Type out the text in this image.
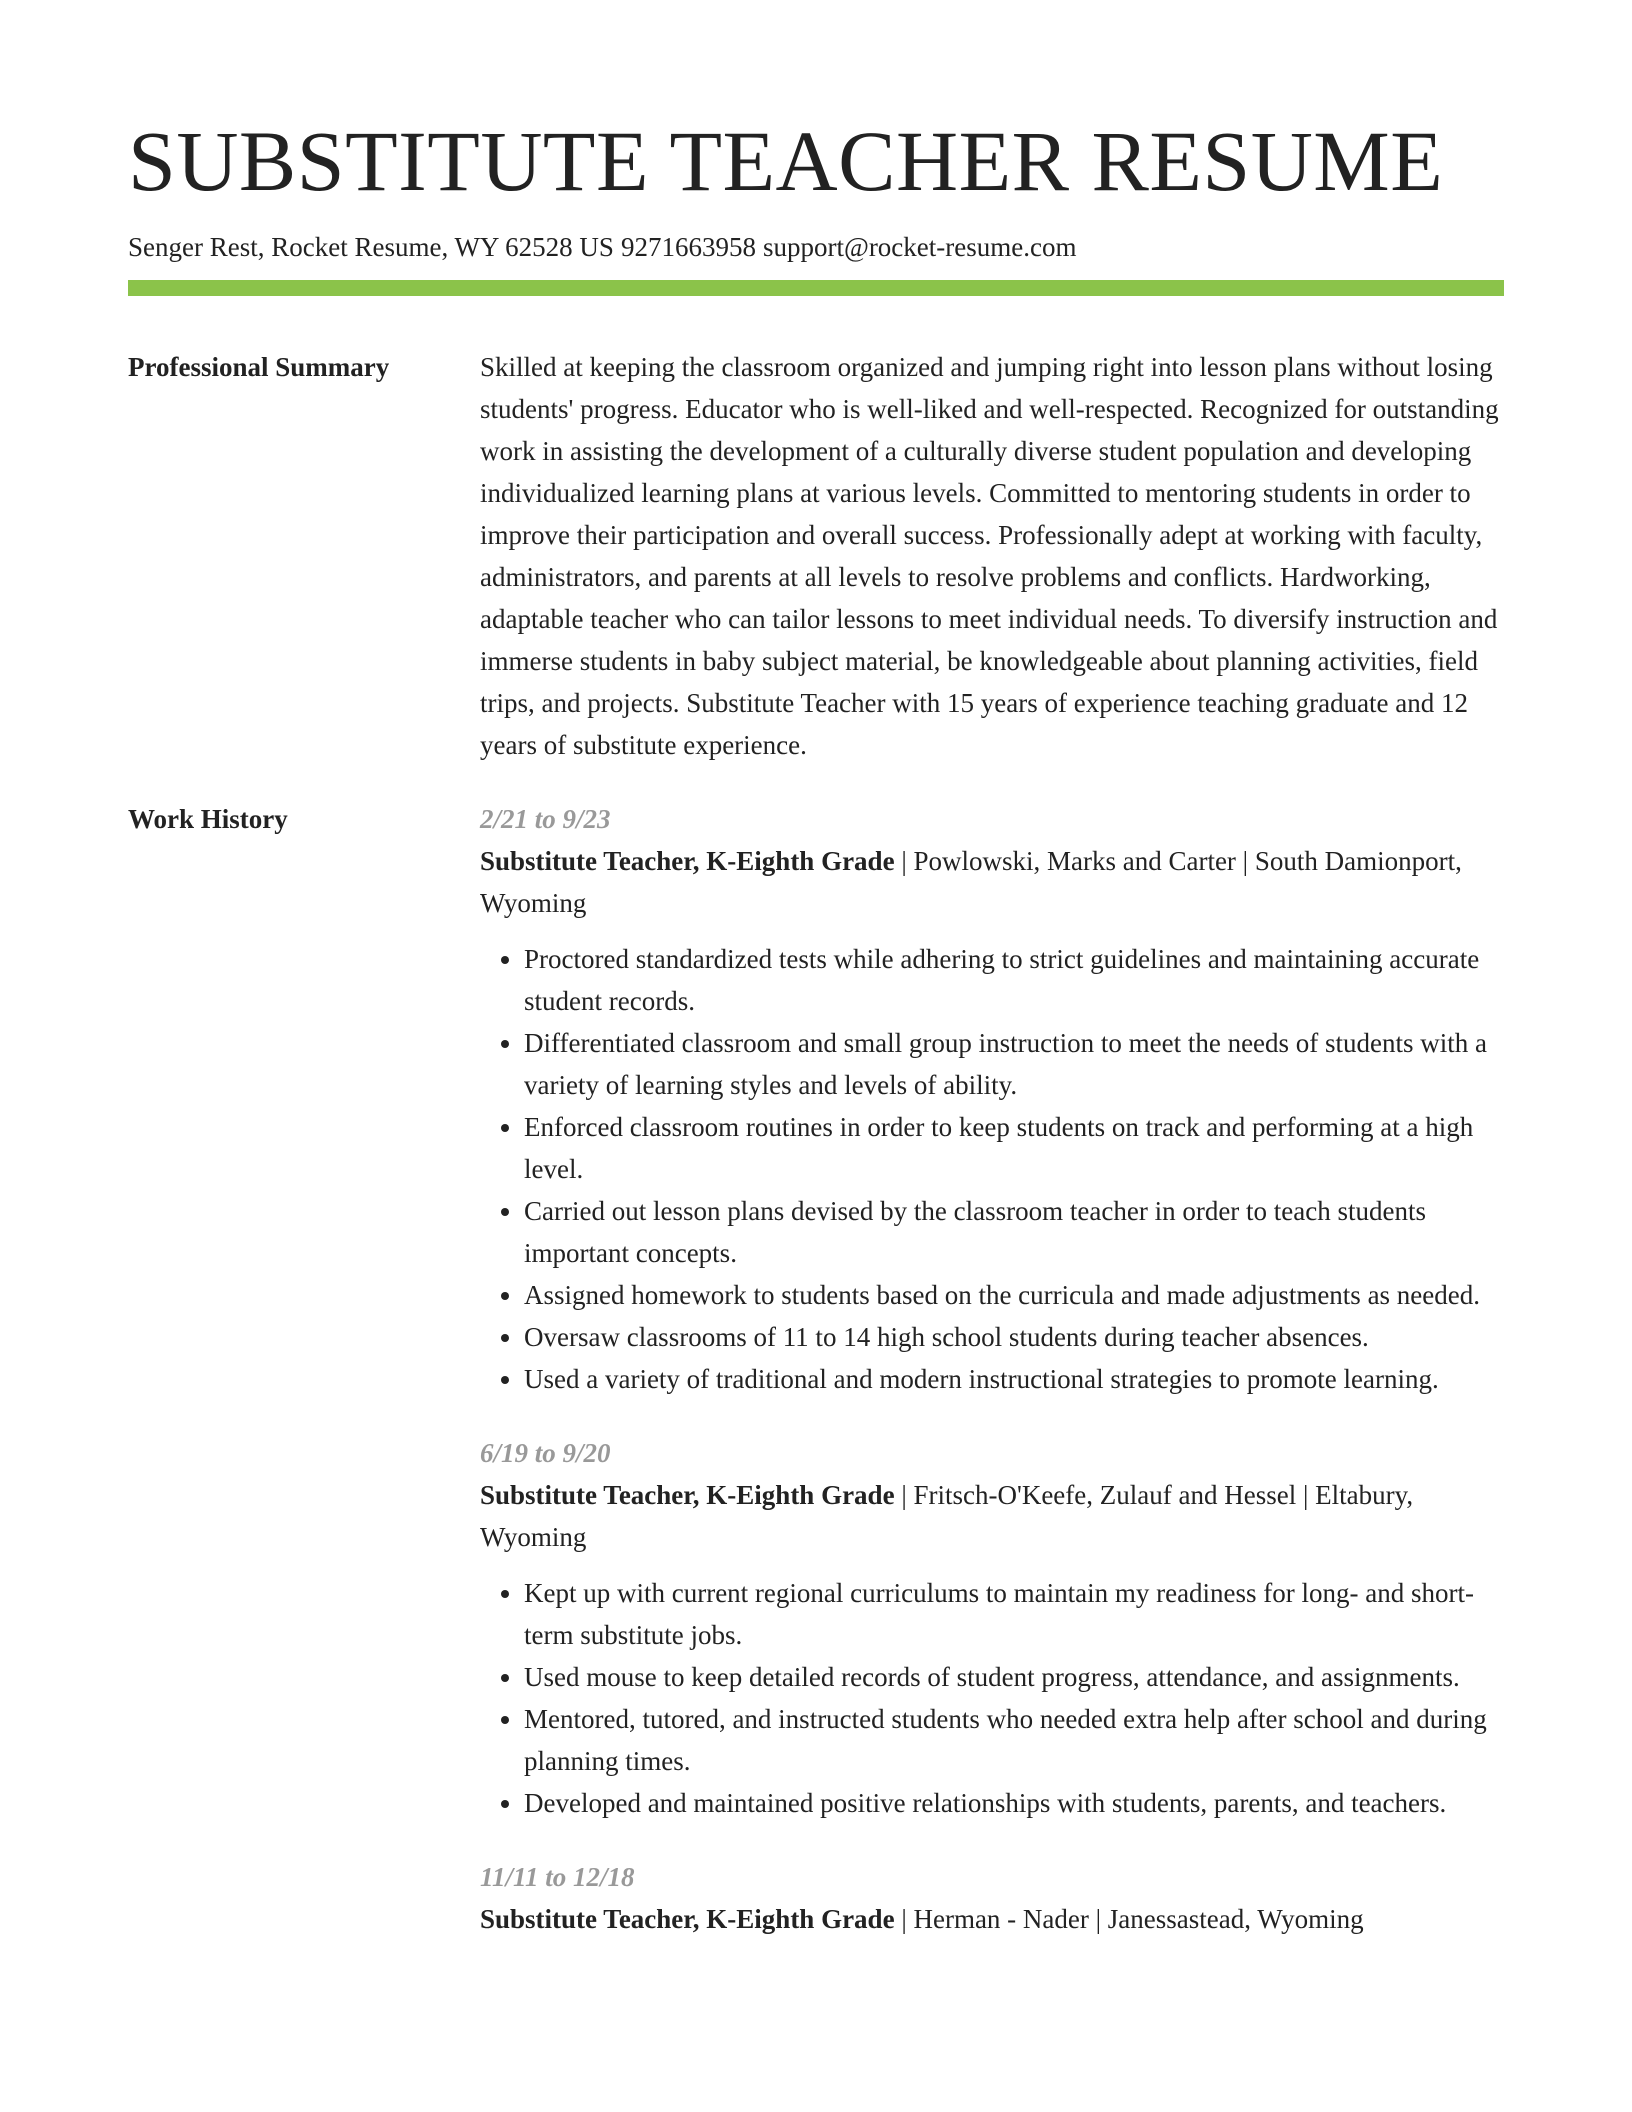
SUBSTITUTE TEACHER RESUME
Senger Rest, Rocket Resume, WY 62528 US 9271663958 support@rocket-resume.com
Professional Summary	Skilled at keeping the classroom organized and jumping right into lesson plans without losing students' progress. Educator who is well-liked and well-respected. Recognized for outstanding work in assisting the development of a culturally diverse student population and developing individualized learning plans at various levels. Committed to mentoring students in order to improve their participation and overall success. Professionally adept at working with faculty, administrators, and parents at all levels to resolve problems and conflicts. Hardworking, adaptable teacher who can tailor lessons to meet individual needs. To diversify instruction and immerse students in baby subject material, be knowledgeable about planning activities, field trips, and projects. Substitute Teacher with 15 years of experience teaching graduate and 12 years of substitute experience.
Work History	2/21 to 9/23
Substitute Teacher, K-Eighth Grade | Powlowski, Marks and Carter | South Damionport, Wyoming
• Proctored standardized tests while adhering to strict guidelines and maintaining accurate student records.
• Differentiated classroom and small group instruction to meet the needs of students with a variety of learning styles and levels of ability.
• Enforced classroom routines in order to keep students on track and performing at a high level.
• Carried out lesson plans devised by the classroom teacher in order to teach students important concepts.
• Assigned homework to students based on the curricula and made adjustments as needed.
• Oversaw classrooms of 11 to 14 high school students during teacher absences.
• Used a variety of traditional and modern instructional strategies to promote learning.
6/19 to 9/20
Substitute Teacher, K-Eighth Grade | Fritsch-O'Keefe, Zulauf and Hessel | Eltabury, Wyoming
• Kept up with current regional curriculums to maintain my readiness for long- and short-term substitute jobs.
• Used mouse to keep detailed records of student progress, attendance, and assignments.
• Mentored, tutored, and instructed students who needed extra help after school and during planning times.
• Developed and maintained positive relationships with students, parents, and teachers.
11/11 to 12/18
Substitute Teacher, K-Eighth Grade | Herman - Nader | Janessastead, Wyoming
